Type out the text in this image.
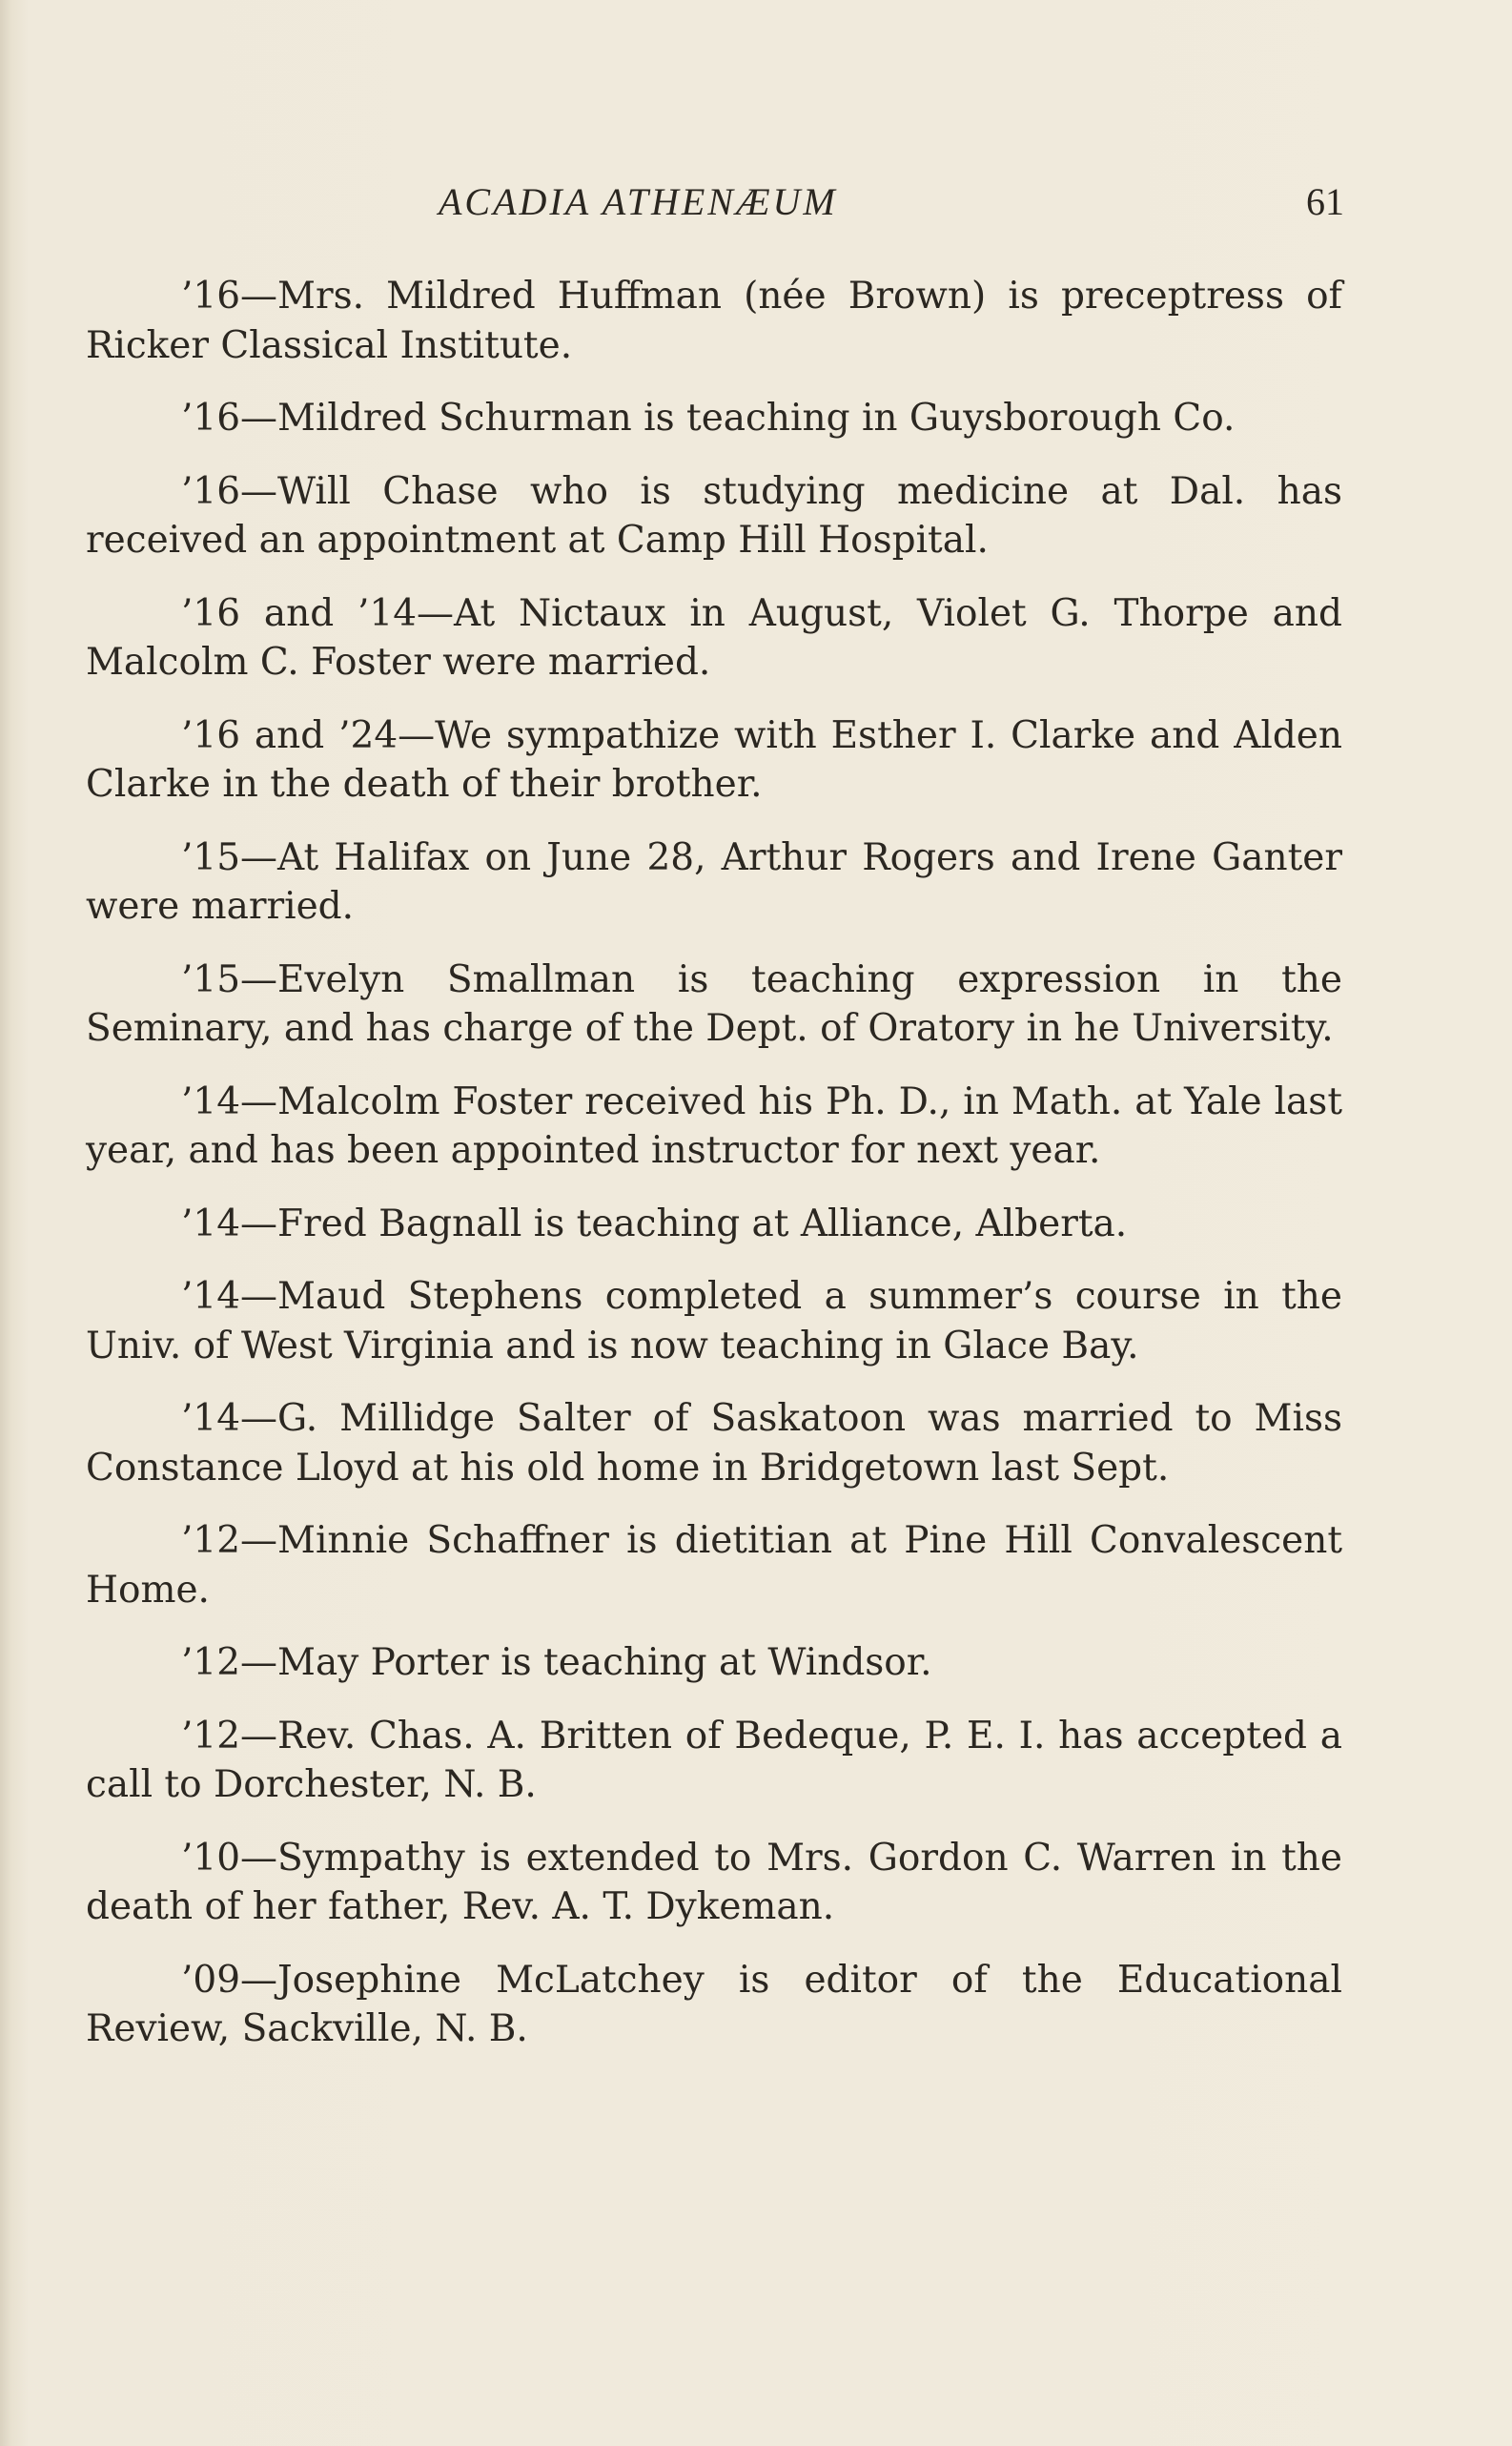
ACADIA ATHENÆUM	61

’16—Mrs. Mildred Huffman (née Brown) is preceptress of Ricker Classical Institute.

’16—Mildred Schurman is teaching in Guysborough Co.

’16—Will Chase who is studying medicine at Dal. has received an appointment at Camp Hill Hospital.

’16 and ’14—At Nictaux in August, Violet G. Thorpe and Malcolm C. Foster were married.

’16 and ’24—We sympathize with Esther I. Clarke and Alden Clarke in the death of their brother.

’15—At Halifax on June 28, Arthur Rogers and Irene Ganter were married.

’15—Evelyn Smallman is teaching expression in the Seminary, and has charge of the Dept. of Oratory in he University.

’14—Malcolm Foster received his Ph. D., in Math. at Yale last year, and has been appointed instructor for next year.

’14—Fred Bagnall is teaching at Alliance, Alberta.

’14—Maud Stephens completed a summer’s course in the Univ. of West Virginia and is now teaching in Glace Bay.

’14—G. Millidge Salter of Saskatoon was married to Miss Constance Lloyd at his old home in Bridgetown last Sept.

’12—Minnie Schaffner is dietitian at Pine Hill Convalescent Home.

’12—May Porter is teaching at Windsor.

’12—Rev. Chas. A. Britten of Bedeque, P. E. I. has accepted a call to Dorchester, N. B.

’10—Sympathy is extended to Mrs. Gordon C. Warren in the death of her father, Rev. A. T. Dykeman.

’09—Josephine McLatchey is editor of the Educational Review, Sackville, N. B.
